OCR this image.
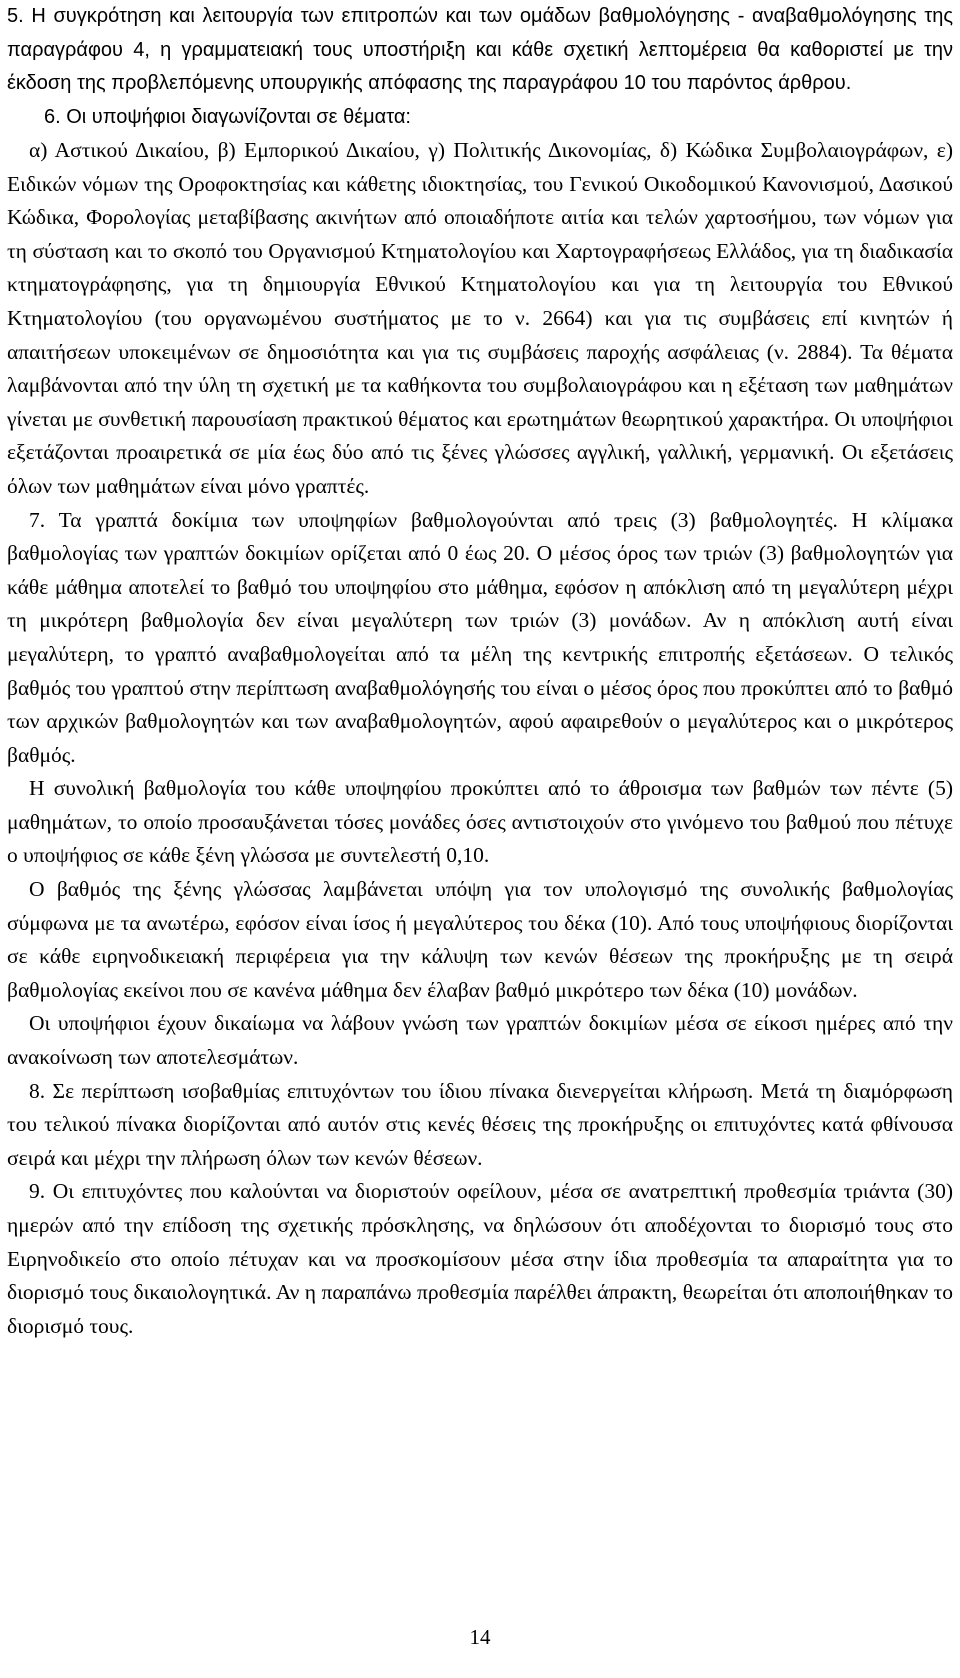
5. Η συγκρότηση και λειτουργία των επιτροπών και των ομάδων βαθμολόγησης - αναβαθμολόγησης της παραγράφου 4, η γραμματειακή τους υποστήριξη και κάθε σχετική λεπτομέρεια θα καθοριστεί με την έκδοση της προβλεπόμενης υπουργικής απόφασης της παραγράφου 10 του παρόντος άρθρου.

6. Οι υποψήφιοι διαγωνίζονται σε θέματα:

α) Αστικού Δικαίου, β) Εμπορικού Δικαίου, γ) Πολιτικής Δικονομίας, δ) Κώδικα Συμβολαιογράφων, ε) Ειδικών νόμων της Οροφοκτησίας και κάθετης ιδιοκτησίας, του Γενικού Οικοδομικού Κανονισμού, Δασικού Κώδικα, Φορολογίας μεταβίβασης ακινήτων από οποιαδήποτε αιτία και τελών χαρτοσήμου, των νόμων για τη σύσταση και το σκοπό του Οργανισμού Κτηματολογίου και Χαρτογραφήσεως Ελλάδος, για τη διαδικασία κτηματογράφησης, για τη δημιουργία Εθνικού Κτηματολογίου και για τη λειτουργία του Εθνικού Κτηματολογίου (του οργανωμένου συστήματος με το ν. 2664) και για τις συμβάσεις επί κινητών ή απαιτήσεων υποκειμένων σε δημοσιότητα και για τις συμβάσεις παροχής ασφάλειας (ν. 2884). Τα θέματα λαμβάνονται από την ύλη τη σχετική με τα καθήκοντα του συμβολαιογράφου και η εξέταση των μαθημάτων γίνεται με συνθετική παρουσίαση πρακτικού θέματος και ερωτημάτων θεωρητικού χαρακτήρα. Οι υποψήφιοι εξετάζονται προαιρετικά σε μία έως δύο από τις ξένες γλώσσες αγγλική, γαλλική, γερμανική. Οι εξετάσεις όλων των μαθημάτων είναι μόνο γραπτές.

7. Τα γραπτά δοκίμια των υποψηφίων βαθμολογούνται από τρεις (3) βαθμολογητές. Η κλίμακα βαθμολογίας των γραπτών δοκιμίων ορίζεται από 0 έως 20. Ο μέσος όρος των τριών (3) βαθμολογητών για κάθε μάθημα αποτελεί το βαθμό του υποψηφίου στο μάθημα, εφόσον η απόκλιση από τη μεγαλύτερη μέχρι τη μικρότερη βαθμολογία δεν είναι μεγαλύτερη των τριών (3) μονάδων. Αν η απόκλιση αυτή είναι μεγαλύτερη, το γραπτό αναβαθμολογείται από τα μέλη της κεντρικής επιτροπής εξετάσεων. Ο τελικός βαθμός του γραπτού στην περίπτωση αναβαθμολόγησής του είναι ο μέσος όρος που προκύπτει από το βαθμό των αρχικών βαθμολογητών και των αναβαθμολογητών, αφού αφαιρεθούν ο μεγαλύτερος και ο μικρότερος βαθμός.

Η συνολική βαθμολογία του κάθε υποψηφίου προκύπτει από το άθροισμα των βαθμών των πέντε (5) μαθημάτων, το οποίο προσαυξάνεται τόσες μονάδες όσες αντιστοιχούν στο γινόμενο του βαθμού που πέτυχε ο υποψήφιος σε κάθε ξένη γλώσσα με συντελεστή 0,10.

Ο βαθμός της ξένης γλώσσας λαμβάνεται υπόψη για τον υπολογισμό της συνολικής βαθμολογίας σύμφωνα με τα ανωτέρω, εφόσον είναι ίσος ή μεγαλύτερος του δέκα (10). Από τους υποψήφιους διορίζονται σε κάθε ειρηνοδικειακή περιφέρεια για την κάλυψη των κενών θέσεων της προκήρυξης με τη σειρά βαθμολογίας εκείνοι που σε κανένα μάθημα δεν έλαβαν βαθμό μικρότερο των δέκα (10) μονάδων.

Οι υποψήφιοι έχουν δικαίωμα να λάβουν γνώση των γραπτών δοκιμίων μέσα σε είκοσι ημέρες από την ανακοίνωση των αποτελεσμάτων.

8. Σε περίπτωση ισοβαθμίας επιτυχόντων του ίδιου πίνακα διενεργείται κλήρωση. Μετά τη διαμόρφωση του τελικού πίνακα διορίζονται από αυτόν στις κενές θέσεις της προκήρυξης οι επιτυχόντες κατά φθίνουσα σειρά και μέχρι την πλήρωση όλων των κενών θέσεων.

9. Οι επιτυχόντες που καλούνται να διοριστούν οφείλουν, μέσα σε ανατρεπτική προθεσμία τριάντα (30) ημερών από την επίδοση της σχετικής πρόσκλησης, να δηλώσουν ότι αποδέχονται το διορισμό τους στο Ειρηνοδικείο στο οποίο πέτυχαν και να προσκομίσουν μέσα στην ίδια προθεσμία τα απαραίτητα για το διορισμό τους δικαιολογητικά. Αν η παραπάνω προθεσμία παρέλθει άπρακτη, θεωρείται ότι αποποιήθηκαν το διορισμό τους.

14
